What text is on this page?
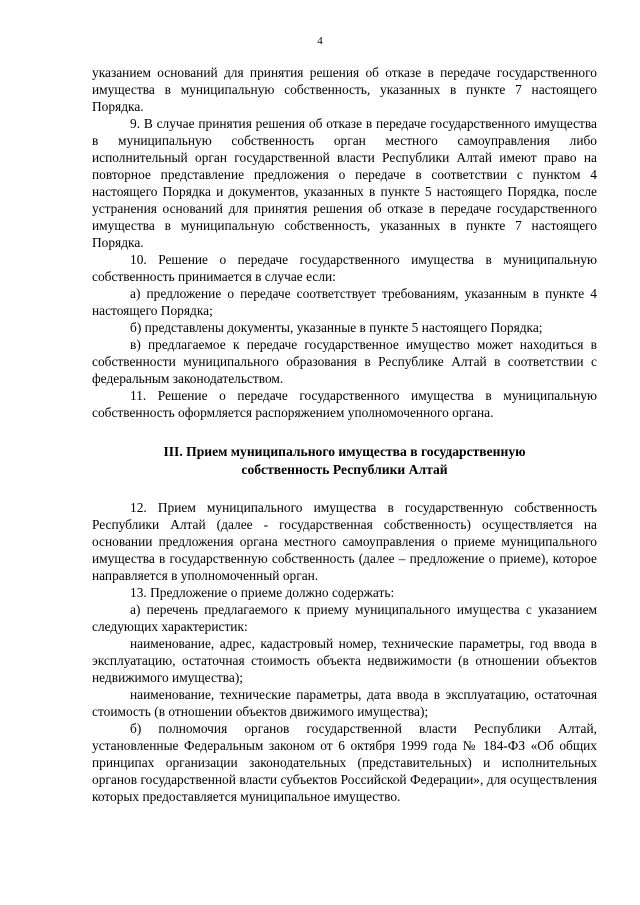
4

указанием оснований для принятия решения об отказе в передаче государственного имущества в муниципальную собственность, указанных в пункте 7 настоящего Порядка.

9. В случае принятия решения об отказе в передаче государственного имущества в муниципальную собственность орган местного самоуправления либо исполнительный орган государственной власти Республики Алтай имеют право на повторное представление предложения о передаче в соответствии с пунктом 4 настоящего Порядка и документов, указанных в пункте 5 настоящего Порядка, после устранения оснований для принятия решения об отказе в передаче государственного имущества в муниципальную собственность, указанных в пункте 7 настоящего Порядка.

10. Решение о передаче государственного имущества в муниципальную собственность принимается в случае если:

а) предложение о передаче соответствует требованиям, указанным в пункте 4 настоящего Порядка;

б) представлены документы, указанные в пункте 5 настоящего Порядка;

в) предлагаемое к передаче государственное имущество может находиться в собственности муниципального образования в Республике Алтай в соответствии с федеральным законодательством.

11. Решение о передаче государственного имущества в муниципальную собственность оформляется распоряжением уполномоченного органа.

III. Прием муниципального имущества в государственную
собственность Республики Алтай

12. Прием муниципального имущества в государственную собственность Республики Алтай (далее - государственная собственность) осуществляется на основании предложения органа местного самоуправления о приеме муниципального имущества в государственную собственность (далее – предложение о приеме), которое направляется в уполномоченный орган.

13. Предложение о приеме должно содержать:

а) перечень предлагаемого к приему муниципального имущества с указанием следующих характеристик:

наименование, адрес, кадастровый номер, технические параметры, год ввода в эксплуатацию, остаточная стоимость объекта недвижимости (в отношении объектов недвижимого имущества);

наименование, технические параметры, дата ввода в эксплуатацию, остаточная стоимость (в отношении объектов движимого имущества);

б) полномочия органов государственной власти Республики Алтай, установленные Федеральным законом от 6 октября 1999 года № 184-ФЗ «Об общих принципах организации законодательных (представительных) и исполнительных органов государственной власти субъектов Российской Федерации», для осуществления которых предоставляется муниципальное имущество.
